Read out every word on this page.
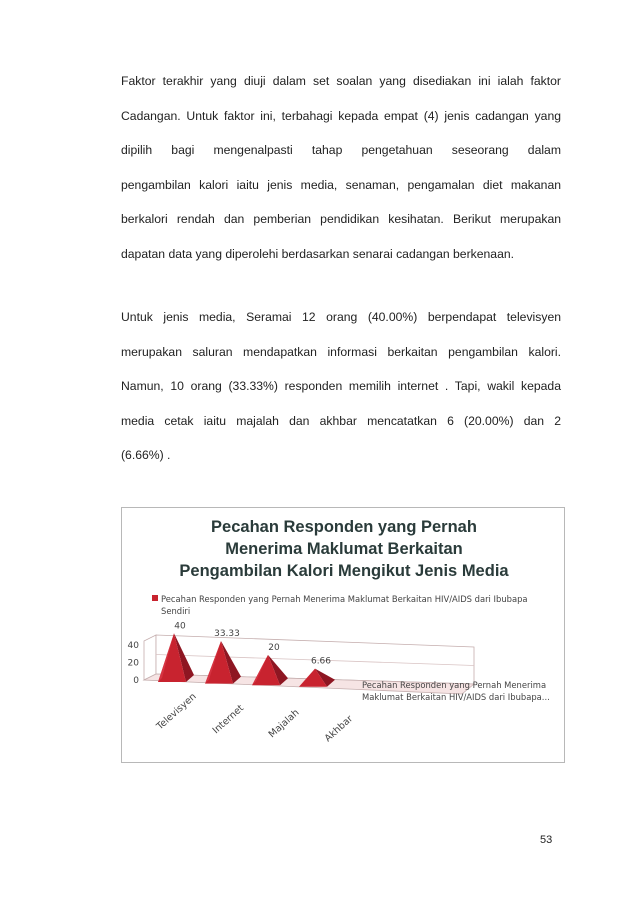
Faktor terakhir yang diuji dalam set soalan yang disediakan ini ialah faktor
Cadangan. Untuk faktor ini, terbahagi kepada empat (4) jenis cadangan yang
dipilih bagi mengenalpasti tahap pengetahuan seseorang dalam
pengambilan kalori iaitu jenis media, senaman, pengamalan diet makanan
berkalori rendah dan pemberian pendidikan kesihatan. Berikut merupakan
dapatan data yang diperolehi berdasarkan senarai cadangan berkenaan.
Untuk jenis media, Seramai 12 orang (40.00%) berpendapat televisyen
merupakan saluran mendapatkan informasi berkaitan pengambilan kalori.
Namun, 10 orang (33.33%) responden memilih internet . Tapi, wakil kepada
media cetak iaitu majalah dan akhbar mencatatkan 6 (20.00%) dan 2
(6.66%) .
Pecahan Responden yang Pernah
Menerima Maklumat Berkaitan
Pengambilan Kalori Mengikut Jenis Media
Pecahan Responden yang Pernah Menerima Maklumat Berkaitan HIV/AIDS dari Ibubapa
Sendiri
0
20
40
40
33.33
20
6.66
Televisyen Internet Majalah Akhbar
Pecahan Responden yang Pernah Menerima
Maklumat Berkaitan HIV/AIDS dari Ibubapa...
53
